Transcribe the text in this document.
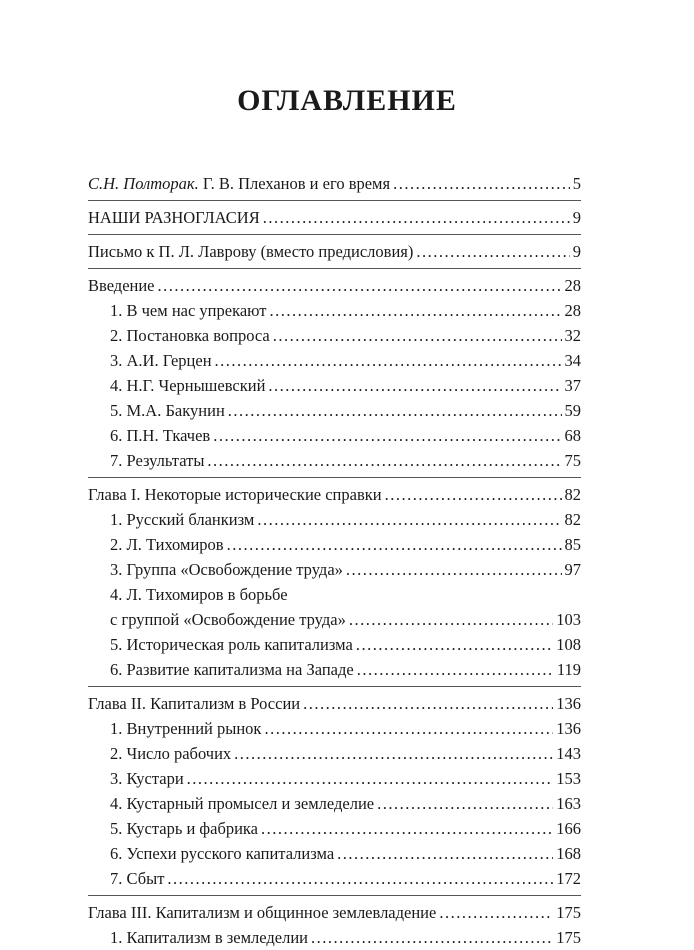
ОГЛАВЛЕНИЕ
С.Н. Полторак. Г. В. Плеханов и его время .....	5
НАШИ РАЗНОГЛАСИЯ .....	9
Письмо к П. Л. Лаврову (вместо предисловия) .....	9
Введение .....	28
1. В чем нас упрекают .....	28
2. Постановка вопроса .....	32
3. А.И. Герцен .....	34
4. Н.Г. Чернышевский .....	37
5. М.А. Бакунин .....	59
6. П.Н. Ткачев .....	68
7. Результаты .....	75
Глава I. Некоторые исторические справки .....	82
1. Русский бланкизм .....	82
2. Л. Тихомиров .....	85
3. Группа «Освобождение труда» .....	97
4. Л. Тихомиров в борьбе
с группой «Освобождение труда» .....	103
5. Историческая роль капитализма .....	108
6. Развитие капитализма на Западе .....	119
Глава II. Капитализм в России .....	136
1. Внутренний рынок .....	136
2. Число рабочих .....	143
3. Кустари .....	153
4. Кустарный промысел и земледелие .....	163
5. Кустарь и фабрика .....	166
6. Успехи русского капитализма .....	168
7. Сбыт .....	172
Глава III. Капитализм и общинное землевладение .....	175
1. Капитализм в земледелии .....	175
